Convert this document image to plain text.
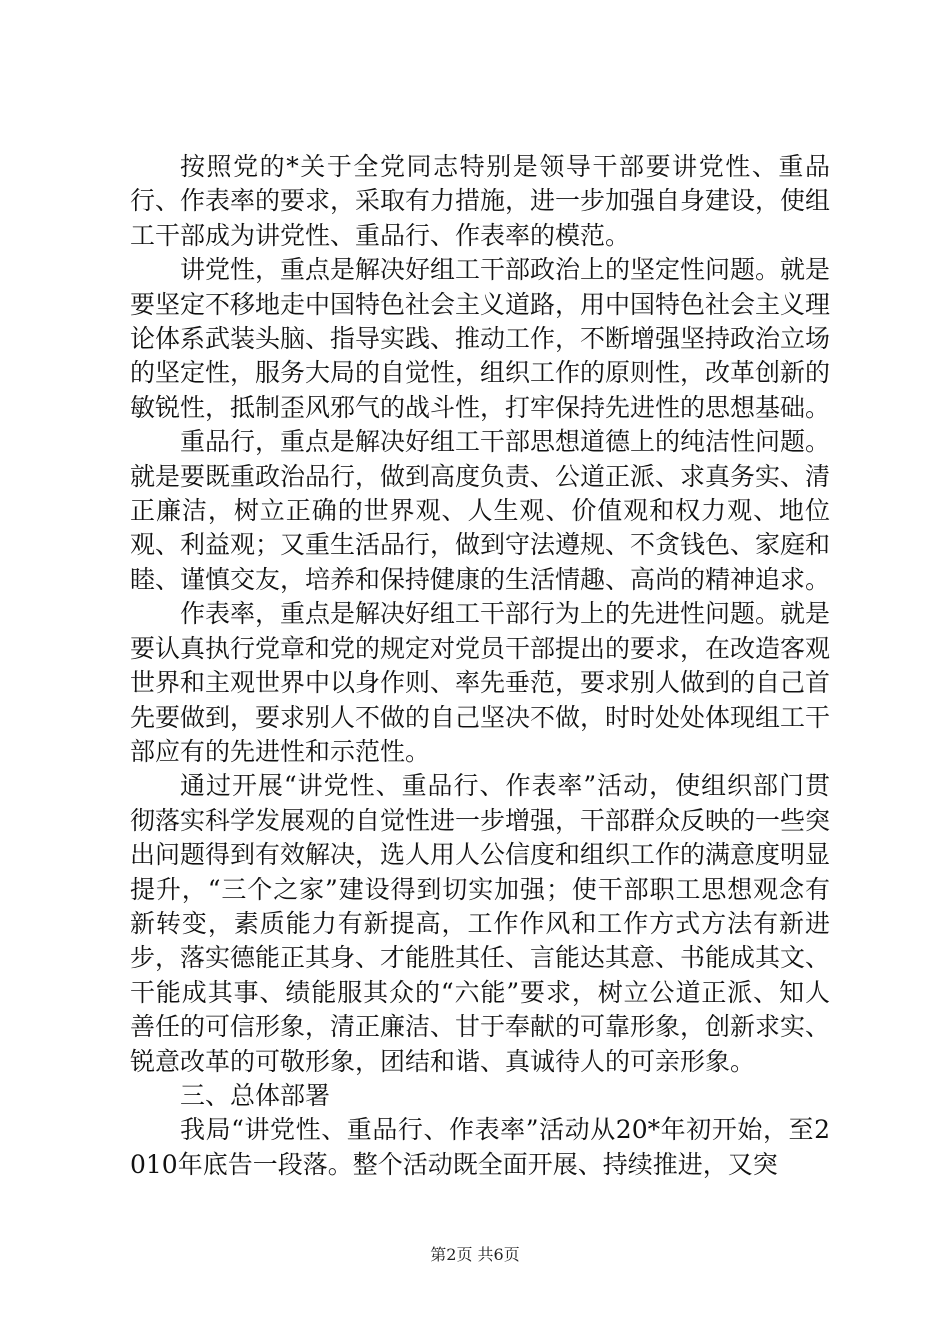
按照党的*关于全党同志特别是领导干部要讲党性、重品行、作表率的要求，采取有力措施，进一步加强自身建设，使组工干部成为讲党性、重品行、作表率的模范。

讲党性，重点是解决好组工干部政治上的坚定性问题。就是要坚定不移地走中国特色社会主义道路，用中国特色社会主义理论体系武装头脑、指导实践、推动工作，不断增强坚持政治立场的坚定性，服务大局的自觉性，组织工作的原则性，改革创新的敏锐性，抵制歪风邪气的战斗性，打牢保持先进性的思想基础。

重品行，重点是解决好组工干部思想道德上的纯洁性问题。就是要既重政治品行，做到高度负责、公道正派、求真务实、清正廉洁，树立正确的世界观、人生观、价值观和权力观、地位观、利益观；又重生活品行，做到守法遵规、不贪钱色、家庭和睦、谨慎交友，培养和保持健康的生活情趣、高尚的精神追求。

作表率，重点是解决好组工干部行为上的先进性问题。就是要认真执行党章和党的规定对党员干部提出的要求，在改造客观世界和主观世界中以身作则、率先垂范，要求别人做到的自己首先要做到，要求别人不做的自己坚决不做，时时处处体现组工干部应有的先进性和示范性。

通过开展“讲党性、重品行、作表率”活动，使组织部门贯彻落实科学发展观的自觉性进一步增强，干部群众反映的一些突出问题得到有效解决，选人用人公信度和组织工作的满意度明显提升，“三个之家”建设得到切实加强；使干部职工思想观念有新转变，素质能力有新提高，工作作风和工作方式方法有新进步，落实德能正其身、才能胜其任、言能达其意、书能成其文、干能成其事、绩能服其众的“六能”要求，树立公道正派、知人善任的可信形象，清正廉洁、甘于奉献的可靠形象，创新求实、锐意改革的可敬形象，团结和谐、真诚待人的可亲形象。

三、总体部署

我局“讲党性、重品行、作表率”活动从20*年初开始，至2010年底告一段落。整个活动既全面开展、持续推进，又突

第2页 共6页
